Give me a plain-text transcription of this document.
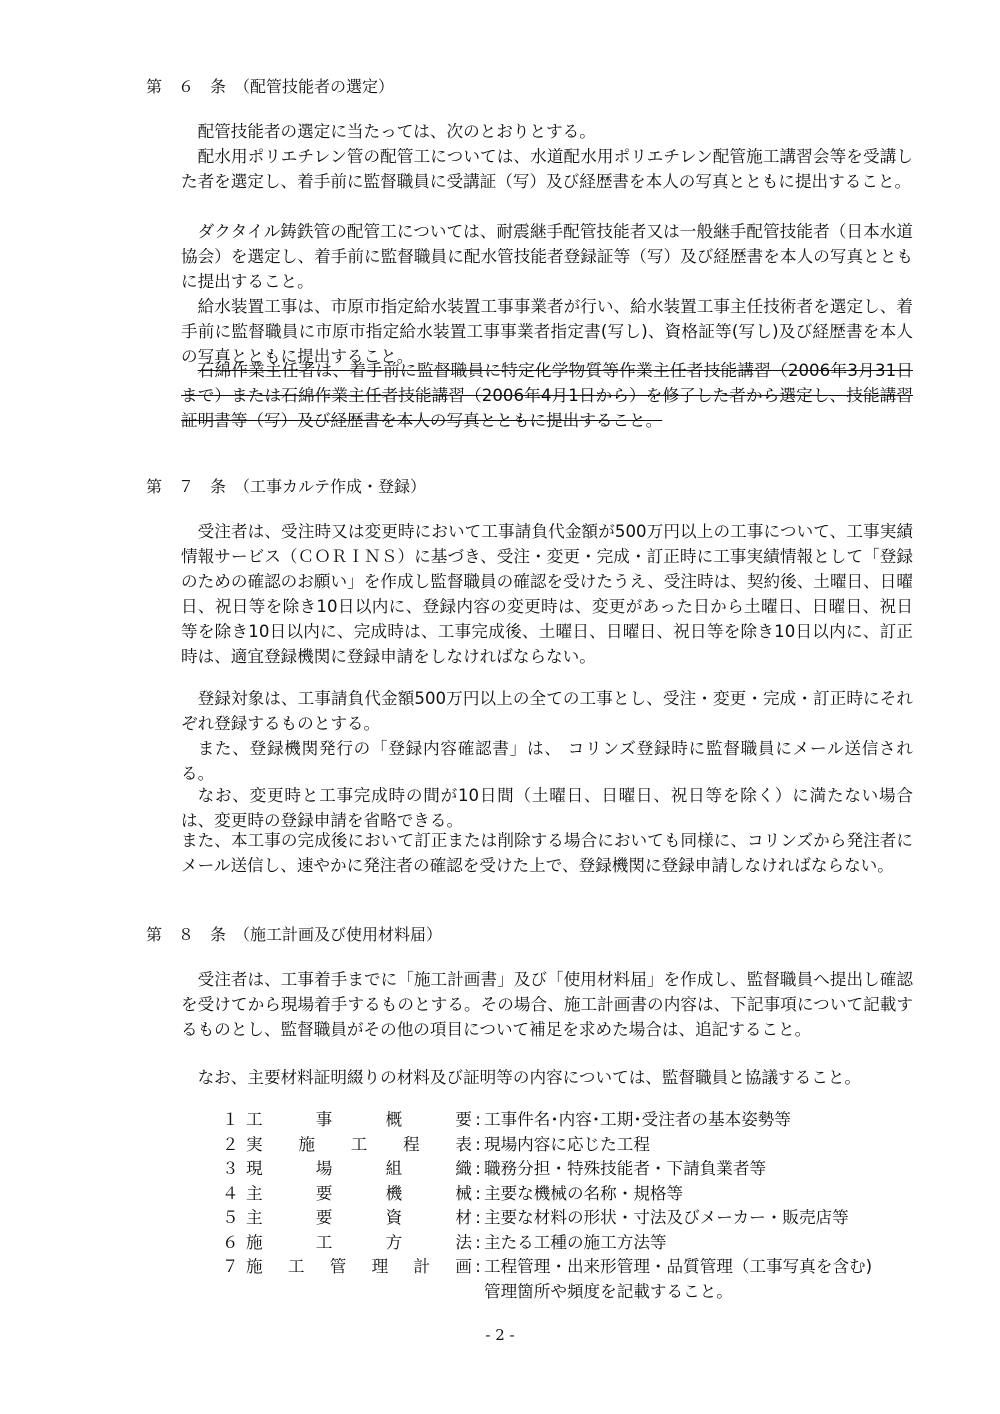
第　６　条　（配管技能者の選定）

配管技能者の選定に当たっては、次のとおりとする。

配水用ポリエチレン管の配管工については、水道配水用ポリエチレン配管施工講習会等を受講した者を選定し、着手前に監督職員に受講証（写）及び経歴書を本人の写真とともに提出すること。

ダクタイル鋳鉄管の配管工については、耐震継手配管技能者又は一般継手配管技能者（日本水道協会）を選定し、着手前に監督職員に配水管技能者登録証等（写）及び経歴書を本人の写真とともに提出すること。

給水装置工事は、市原市指定給水装置工事事業者が行い、給水装置工事主任技術者を選定し、着手前に監督職員に市原市指定給水装置工事事業者指定書(写し)、資格証等(写し)及び経歴書を本人の写真とともに提出すること。

石綿作業主任者は、着手前に監督職員に特定化学物質等作業主任者技能講習（2006年3月31日まで）または石綿作業主任者技能講習（2006年4月1日から）を修了した者から選定し、技能講習証明書等（写）及び経歴書を本人の写真とともに提出すること。

第　７　条　（工事カルテ作成・登録）

受注者は、受注時又は変更時において工事請負代金額が500万円以上の工事について、工事実績情報サービス（ＣＯＲＩＮＳ）に基づき、受注・変更・完成・訂正時に工事実績情報として「登録のための確認のお願い」を作成し監督職員の確認を受けたうえ、受注時は、契約後、土曜日、日曜日、祝日等を除き10日以内に、登録内容の変更時は、変更があった日から土曜日、日曜日、祝日等を除き10日以内に、完成時は、工事完成後、土曜日、日曜日、祝日等を除き10日以内に、訂正時は、適宜登録機関に登録申請をしなければならない。

登録対象は、工事請負代金額500万円以上の全ての工事とし、受注・変更・完成・訂正時にそれぞれ登録するものとする。

また、登録機関発行の「登録内容確認書」は、 コリンズ登録時に監督職員にメール送信される。

なお、変更時と工事完成時の間が10日間（土曜日、日曜日、祝日等を除く）に満たない場合は、変更時の登録申請を省略できる。

また、本工事の完成後において訂正または削除する場合においても同様に、コリンズから発注者にメール送信し、速やかに発注者の確認を受けた上で、登録機関に登録申請しなければならない。

第　８　条　（施工計画及び使用材料届）

受注者は、工事着手までに「施工計画書」及び「使用材料届」を作成し、監督職員へ提出し確認を受けてから現場着手するものとする。その場合、施工計画書の内容は、下記事項について記載するものとし、監督職員がその他の項目について補足を求めた場合は、追記すること。

なお、主要材料証明綴りの材料及び証明等の内容については、監督職員と協議すること。

１ 工	事	概	要 : 工事件名･内容･工期･受注者の基本姿勢等
２ 実 施 工 程 表 : 現場内容に応じた工程
３ 現	場	組	織 : 職務分担・特殊技能者・下請負業者等
４ 主	要	機	械 : 主要な機械の名称・規格等
５ 主	要	資	材 : 主要な材料の形状・寸法及びメーカー・販売店等
６ 施	工	方	法 : 主たる工種の施工方法等
７ 施 工 管 理 計 画 : 工程管理・出来形管理・品質管理（工事写真を含む)
管理箇所や頻度を記載すること。
- 2 -
